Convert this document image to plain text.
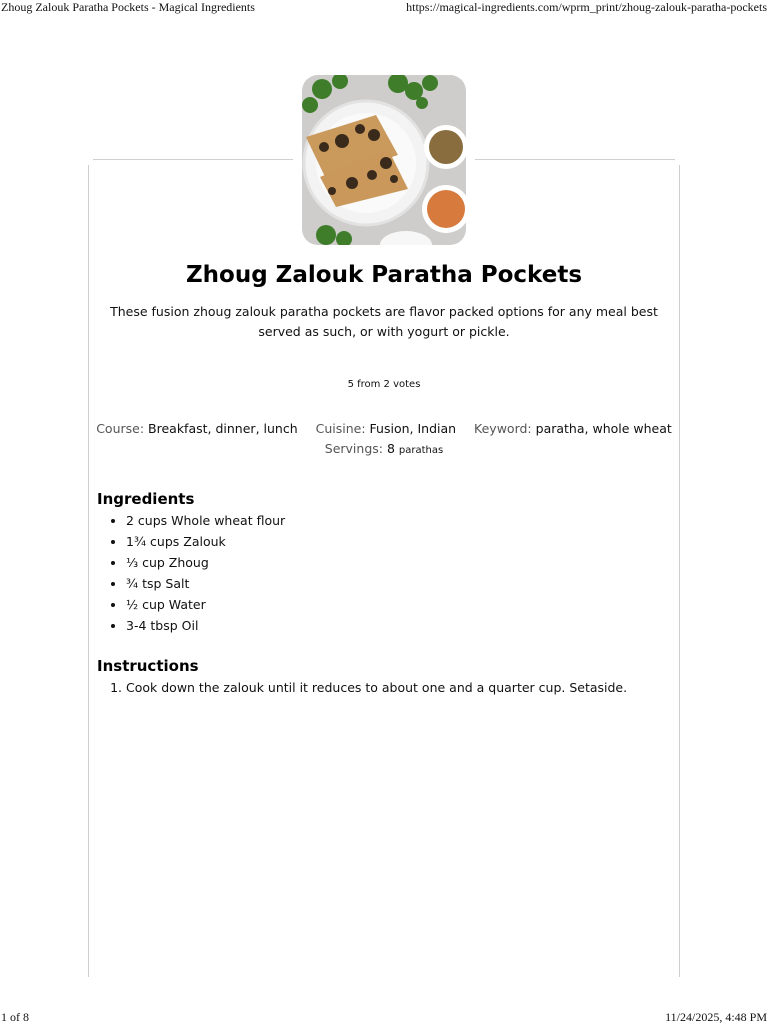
Zhoug Zalouk Paratha Pockets - Magical Ingredients	https://magical-ingredients.com/wprm_print/zhoug-zalouk-paratha-pockets
Zhoug Zalouk Paratha Pockets
These fusion zhoug zalouk paratha pockets are flavor packed options for any meal best served as such, or with yogurt or pickle.
5 from 2 votes
Course: Breakfast, dinner, lunch Cuisine: Fusion, Indian Keyword: paratha, whole wheat
Servings: 8 parathas
Ingredients
• 2 cups Whole wheat flour
• 1¾ cups Zalouk
• ⅓ cup Zhoug
• ¾ tsp Salt
• ½ cup Water
• 3-4 tbsp Oil
Instructions
1. Cook down the zalouk until it reduces to about one and a quarter cup. Setaside.
1 of 8	11/24/2025, 4:48 PM
